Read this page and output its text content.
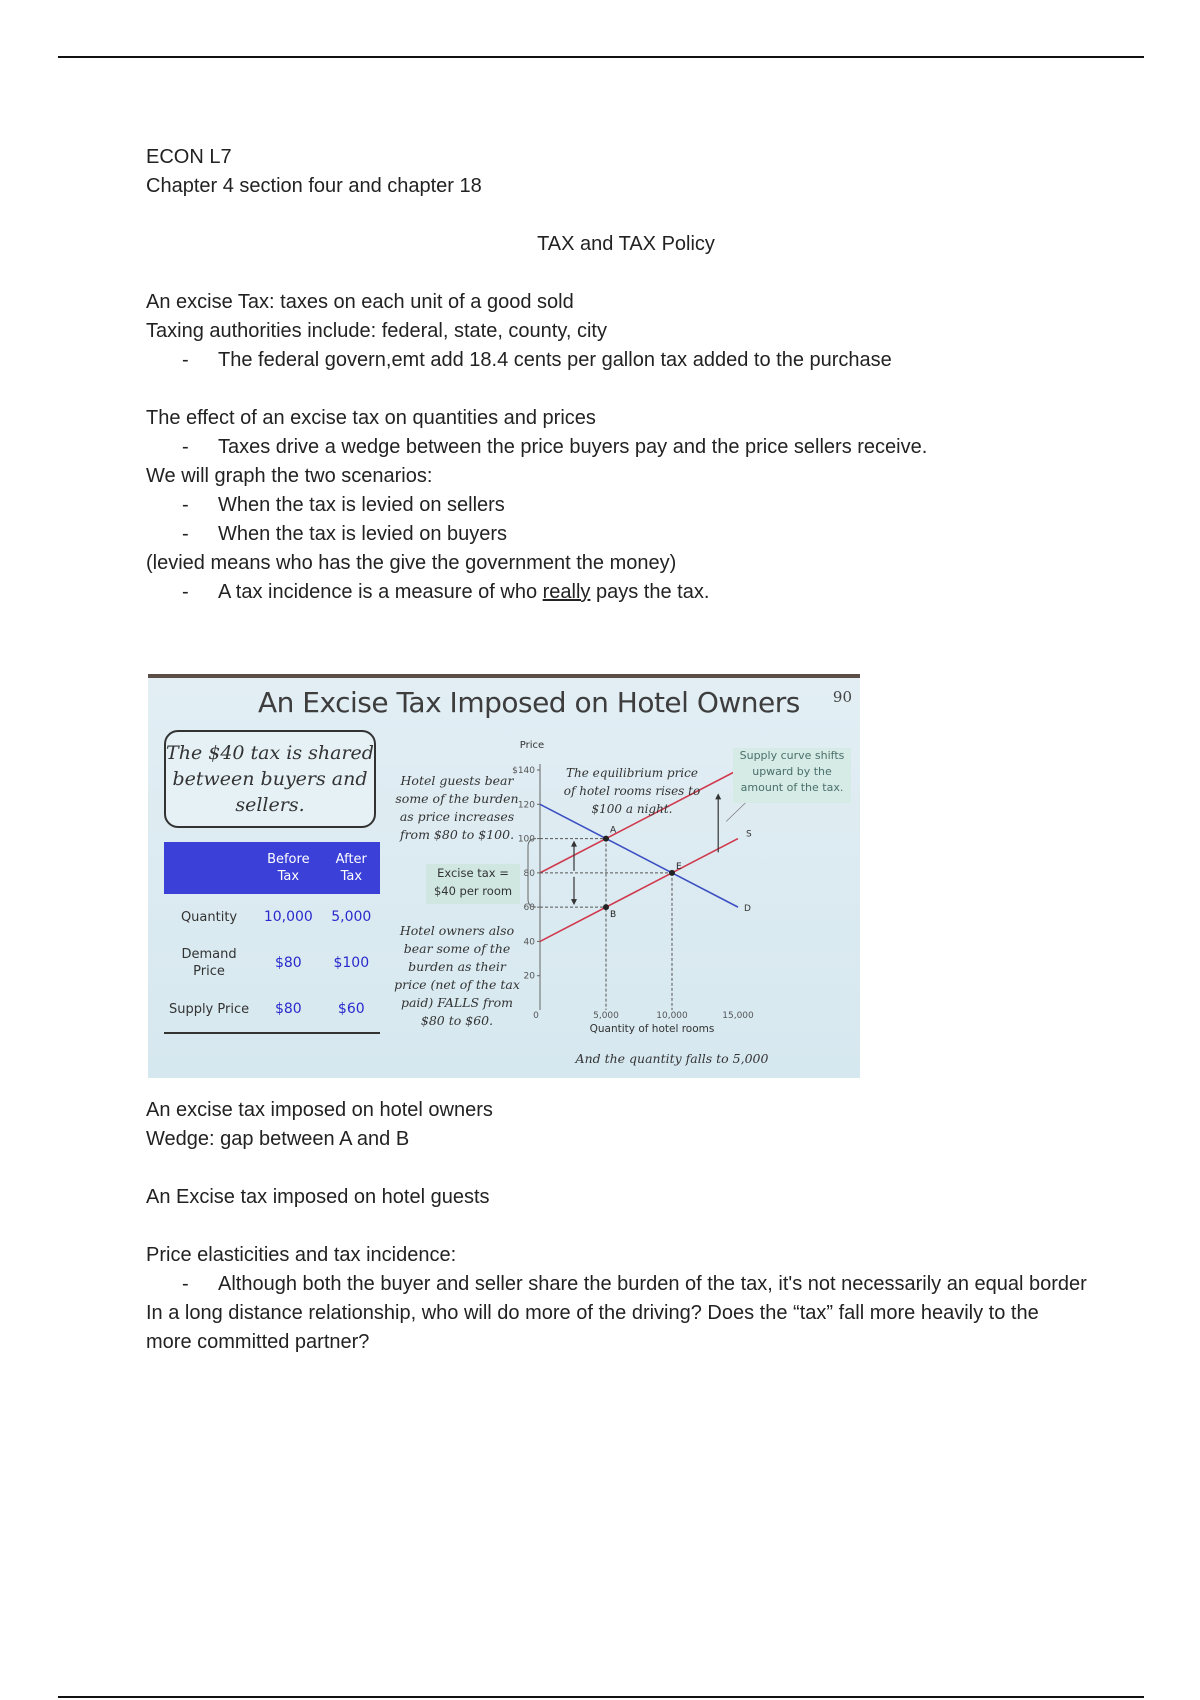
ECON L7
Chapter 4 section four and chapter 18
TAX and TAX Policy
An excise Tax: taxes on each unit of a good sold
Taxing authorities include: federal, state, county, city
- The federal govern,emt add 18.4 cents per gallon tax added to the purchase
The effect of an excise tax on quantities and prices
- Taxes drive a wedge between the price buyers pay and the price sellers receive.
We will graph the two scenarios:
- When the tax is levied on sellers
- When the tax is levied on buyers
(levied means who has the give the government the money)
- A tax incidence is a measure of who really pays the tax.
Price
$140
120
100
80
60
40
20
0	5,000	10,000	15,000
Quantity of hotel rooms
D
S
A
B
E
An Excise Tax Imposed on Hotel Owners 90
The $40 tax is shared between buyers and sellers.
	Before Tax	After Tax
Quantity	10,000	5,000
Demand Price	$80	$100
Supply Price	$80	$60
Hotel guests bear some of the burden as price increases from $80 to $100.
Excise tax = $40 per room
Hotel owners also bear some of the burden as their price (net of the tax paid) FALLS from $80 to $60.
The equilibrium price of hotel rooms rises to $100 a night.
Supply curve shifts upward by the amount of the tax.
And the quantity falls to 5,000
An excise tax imposed on hotel owners
Wedge: gap between A and B
An Excise tax imposed on hotel guests
Price elasticities and tax incidence:
- Although both the buyer and seller share the burden of the tax, it's not necessarily an equal border
In a long distance relationship, who will do more of the driving? Does the “tax” fall more heavily to the more committed partner?
